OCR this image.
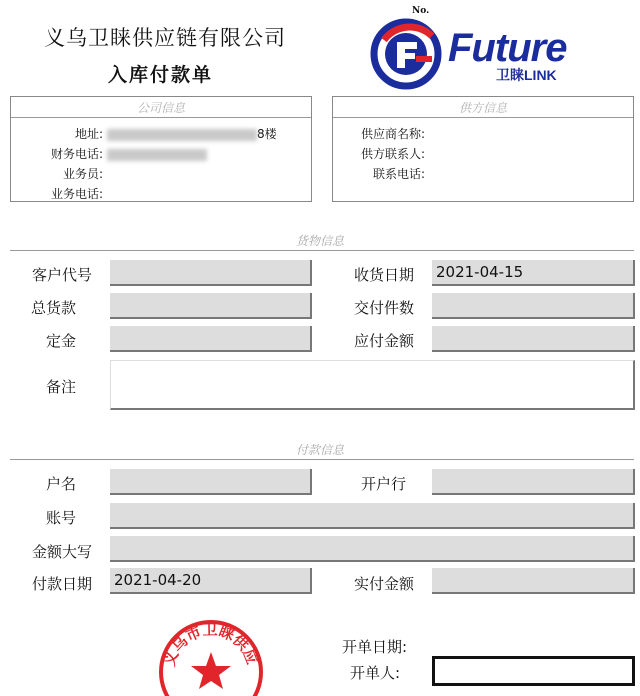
义乌卫睐供应链有限公司
入库付款单
No.
Future
卫睐LINK
公司信息
地址:	8楼
财务电话:
业务员:
业务电话:
供方信息
供应商名称:
供方联系人:
联系电话:
货物信息
客户代号	收货日期 2021-04-15
总货款	交付件数
定金	应付金额
备注
付款信息
户名	开户行
账号
金额大写
付款日期 2021-04-20	实付金额
义乌市卫睐供应	开单日期:
开单人:
